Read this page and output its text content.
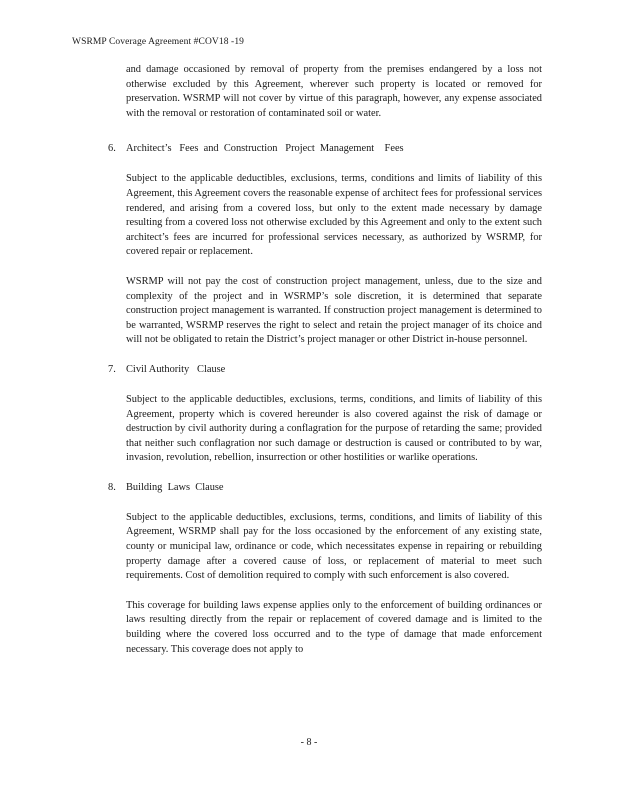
WSRMP Coverage Agreement #COV18 -19

and damage occasioned by removal of property from the premises endangered by a loss not otherwise excluded by this Agreement, wherever such property is located or removed for preservation. WSRMP will not cover by virtue of this paragraph, however, any expense associated with the removal or restoration of contaminated soil or water.

6. Architect’s   Fees  and  Construction   Project  Management    Fees

Subject to the applicable deductibles, exclusions, terms, conditions and limits of liability of this Agreement, this Agreement covers the reasonable expense of architect fees for professional services rendered, and arising from a covered loss, but only to the extent made necessary by damage resulting from a covered loss not otherwise excluded by this Agreement and only to the extent such architect’s fees are incurred for professional services necessary, as authorized by WSRMP, for covered repair or replacement.

WSRMP will not pay the cost of construction project management, unless, due to the size and complexity of the project and in WSRMP’s sole discretion, it is determined that separate construction project management is warranted. If construction project management is determined to be warranted, WSRMP reserves the right to select and retain the project manager of its choice and will not be obligated to retain the District’s project manager or other District in-house personnel.

7. Civil Authority   Clause

Subject to the applicable deductibles, exclusions, terms, conditions, and limits of liability of this Agreement, property which is covered hereunder is also covered against the risk of damage or destruction by civil authority during a conflagration for the purpose of retarding the same; provided that neither such conflagration nor such damage or destruction is caused or contributed to by war, invasion, revolution, rebellion, insurrection or other hostilities or warlike operations.

8. Building  Laws  Clause

Subject to the applicable deductibles, exclusions, terms, conditions, and limits of liability of this Agreement, WSRMP shall pay for the loss occasioned by the enforcement of any existing state, county or municipal law, ordinance or code, which necessitates expense in repairing or rebuilding property damage after a covered cause of loss, or replacement of material to meet such requirements. Cost of demolition required to comply with such enforcement is also covered.

This coverage for building laws expense applies only to the enforcement of building ordinances or laws resulting directly from the repair or replacement of covered damage and is limited to the building where the covered loss occurred and to the type of damage that made enforcement necessary. This coverage does not apply to

- 8 -
